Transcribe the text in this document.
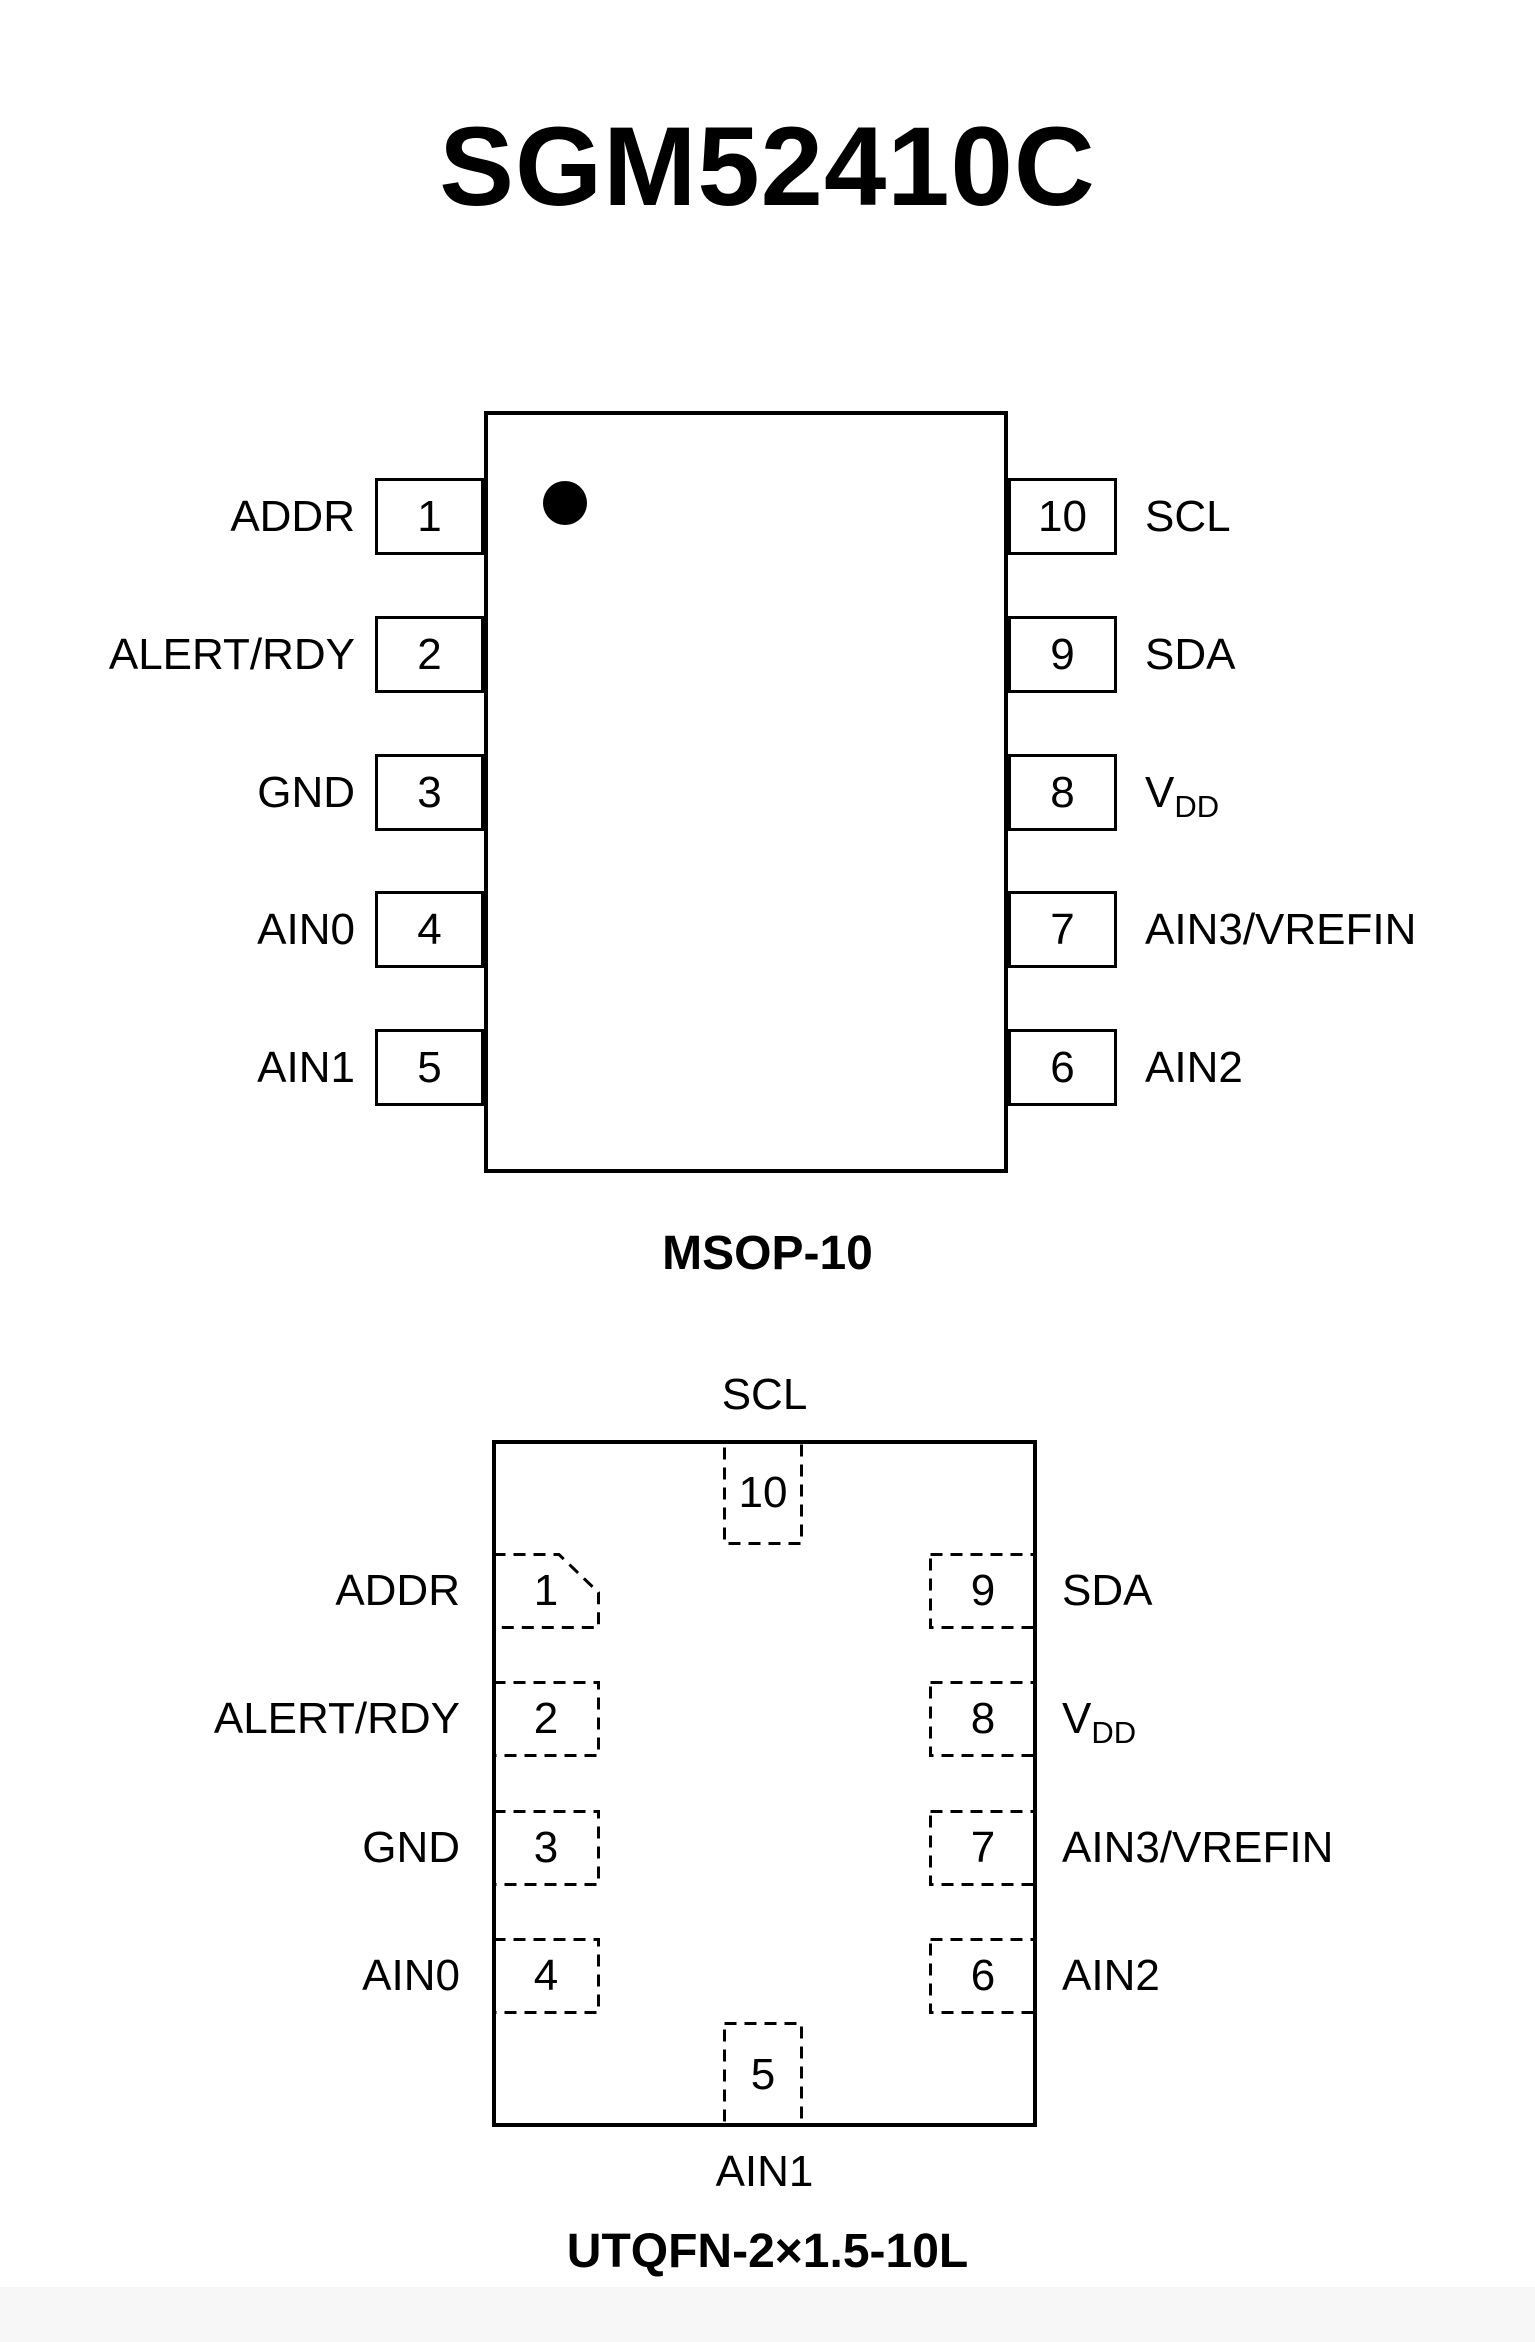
SGM52410C
MSOP-10
SCL
AIN1
UTQFN-2×1.5-10L
1
ADDR
2
ALERT/RDY
3
GND
4
AIN0
5
AIN1
10 SCL
9 SDA
8 $V_{DD}$
7 AIN3/VREFIN
6 AIN2
10
5
1
ADDR
2
ALERT/RDY
3
GND
4
AIN0
9 SDA
8 $V_{DD}$
7 AIN3/VREFIN
6 AIN2
